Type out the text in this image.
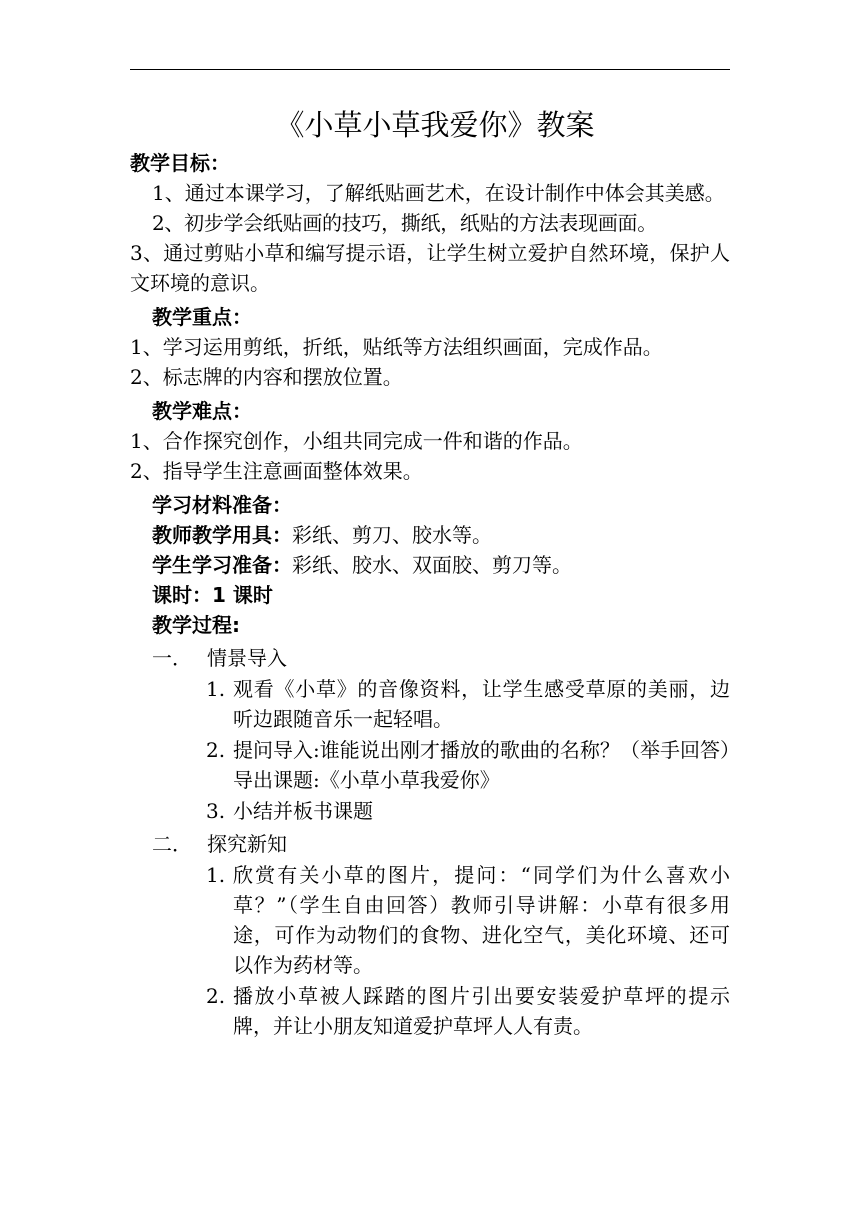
《小草小草我爱你》教案
教学目标：
1、通过本课学习，了解纸贴画艺术，在设计制作中体会其美感。
2、初步学会纸贴画的技巧，撕纸，纸贴的方法表现画面。
3、通过剪贴小草和编写提示语，让学生树立爱护自然环境，保护人文环境的意识。
教学重点：
1、学习运用剪纸，折纸，贴纸等方法组织画面，完成作品。
2、标志牌的内容和摆放位置。
教学难点：
1、合作探究创作，小组共同完成一件和谐的作品。
2、指导学生注意画面整体效果。
学习材料准备：
教师教学用具：彩纸、剪刀、胶水等。
学生学习准备：彩纸、胶水、双面胶、剪刀等。
课时：1 课时
教学过程:
一． 情景导入
1. 观看《小草》的音像资料，让学生感受草原的美丽，边听边跟随音乐一起轻唱。
2. 提问导入:谁能说出刚才播放的歌曲的名称？（举手回答）导出课题:《小草小草我爱你》
3. 小结并板书课题
二． 探究新知
1. 欣赏有关小草的图片，提问：“同学们为什么喜欢小草？”（学生自由回答）教师引导讲解：小草有很多用途，可作为动物们的食物、进化空气，美化环境、还可以作为药材等。
2. 播放小草被人踩踏的图片引出要安装爱护草坪的提示牌，并让小朋友知道爱护草坪人人有责。
